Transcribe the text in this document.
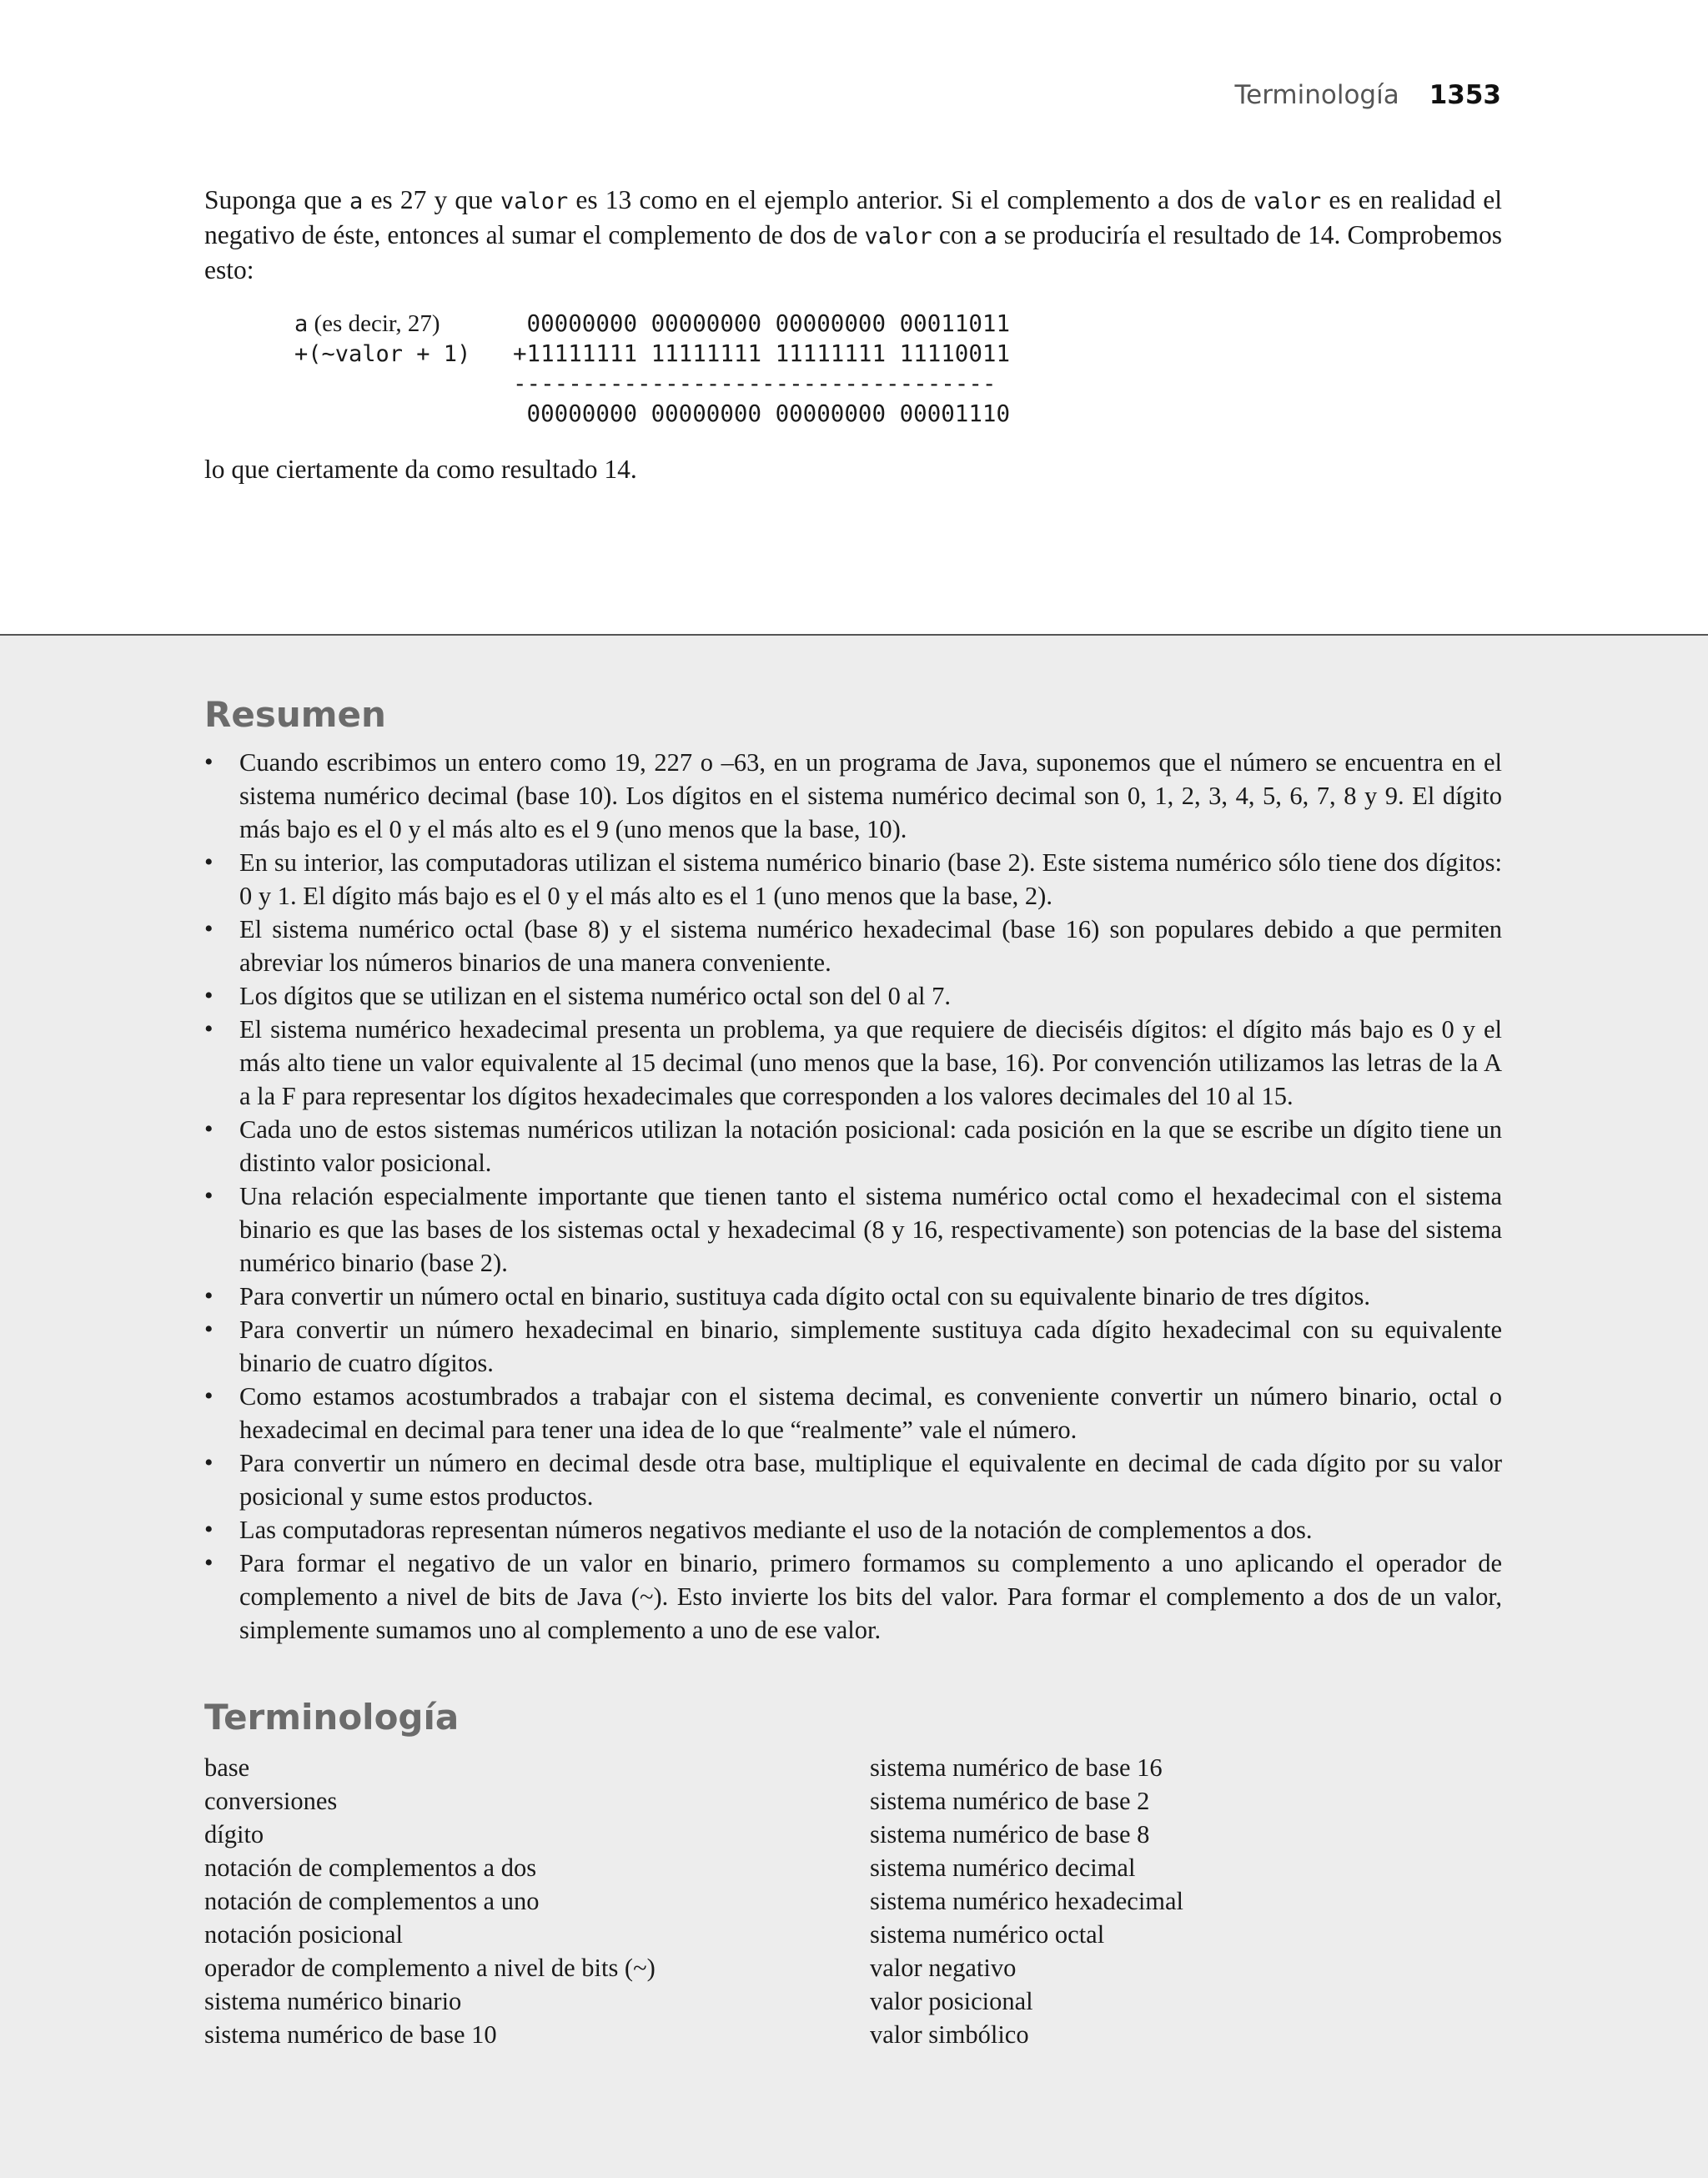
Terminología 1353

Suponga que a es 27 y que valor es 13 como en el ejemplo anterior. Si el complemento a dos de valor es en realidad el negativo de éste, entonces al sumar el complemento de dos de valor con a se produciría el resultado de 14. Comprobemos esto:

a (es decir, 27)	00000000 00000000 00000000 00011011
+(~valor + 1) +11111111 11111111 11111111 11110011
-----------------------------------
00000000 00000000 00000000 00001110

lo que ciertamente da como resultado 14.

Resumen
• Cuando escribimos un entero como 19, 227 o –63, en un programa de Java, suponemos que el número se encuentra en el sistema numérico decimal (base 10). Los dígitos en el sistema numérico decimal son 0, 1, 2, 3, 4, 5, 6, 7, 8 y 9. El dígito más bajo es el 0 y el más alto es el 9 (uno menos que la base, 10).
• En su interior, las computadoras utilizan el sistema numérico binario (base 2). Este sistema numérico sólo tiene dos dígitos: 0 y 1. El dígito más bajo es el 0 y el más alto es el 1 (uno menos que la base, 2).
• El sistema numérico octal (base 8) y el sistema numérico hexadecimal (base 16) son populares debido a que permiten abreviar los números binarios de una manera conveniente.
• Los dígitos que se utilizan en el sistema numérico octal son del 0 al 7.
• El sistema numérico hexadecimal presenta un problema, ya que requiere de dieciséis dígitos: el dígito más bajo es 0 y el más alto tiene un valor equivalente al 15 decimal (uno menos que la base, 16). Por convención utilizamos las letras de la A a la F para representar los dígitos hexadecimales que corresponden a los valores decimales del 10 al 15.
• Cada uno de estos sistemas numéricos utilizan la notación posicional: cada posición en la que se escribe un dígito tiene un distinto valor posicional.
• Una relación especialmente importante que tienen tanto el sistema numérico octal como el hexadecimal con el sistema binario es que las bases de los sistemas octal y hexadecimal (8 y 16, respectivamente) son potencias de la base del sistema numérico binario (base 2).
• Para convertir un número octal en binario, sustituya cada dígito octal con su equivalente binario de tres dígitos.
• Para convertir un número hexadecimal en binario, simplemente sustituya cada dígito hexadecimal con su equivalente binario de cuatro dígitos.
• Como estamos acostumbrados a trabajar con el sistema decimal, es conveniente convertir un número binario, octal o hexadecimal en decimal para tener una idea de lo que “realmente” vale el número.
• Para convertir un número en decimal desde otra base, multiplique el equivalente en decimal de cada dígito por su valor posicional y sume estos productos.
• Las computadoras representan números negativos mediante el uso de la notación de complementos a dos.
• Para formar el negativo de un valor en binario, primero formamos su complemento a uno aplicando el operador de complemento a nivel de bits de Java (~). Esto invierte los bits del valor. Para formar el complemento a dos de un valor, simplemente sumamos uno al complemento a uno de ese valor.
Terminología
base
conversiones
dígito
notación de complementos a dos
notación de complementos a uno
notación posicional
operador de complemento a nivel de bits (~)
sistema numérico binario
sistema numérico de base 10
sistema numérico de base 16
sistema numérico de base 2
sistema numérico de base 8
sistema numérico decimal
sistema numérico hexadecimal
sistema numérico octal
valor negativo
valor posicional
valor simbólico
